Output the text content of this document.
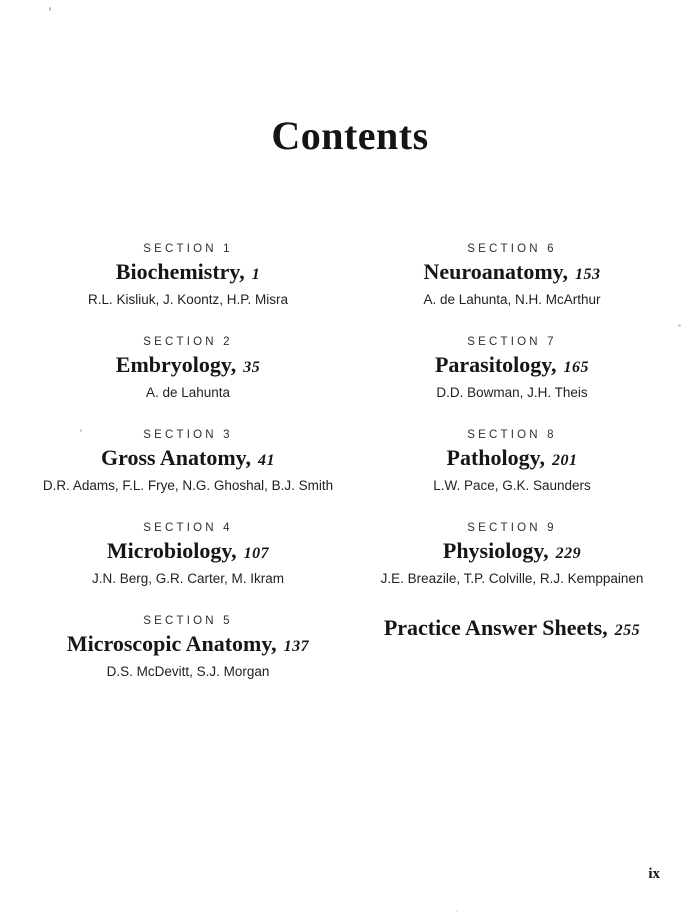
Contents
SECTION 1
Biochemistry, 1
R.L. Kisliuk, J. Koontz, H.P. Misra
SECTION 2
Embryology, 35
A. de Lahunta
SECTION 3
Gross Anatomy, 41
D.R. Adams, F.L. Frye, N.G. Ghoshal, B.J. Smith
SECTION 4
Microbiology, 107
J.N. Berg, G.R. Carter, M. Ikram
SECTION 5
Microscopic Anatomy, 137
D.S. McDevitt, S.J. Morgan
SECTION 6
Neuroanatomy, 153
A. de Lahunta, N.H. McArthur
SECTION 7
Parasitology, 165
D.D. Bowman, J.H. Theis
SECTION 8
Pathology, 201
L.W. Pace, G.K. Saunders
SECTION 9
Physiology, 229
J.E. Breazile, T.P. Colville, R.J. Kemppainen
Practice Answer Sheets, 255
ix
